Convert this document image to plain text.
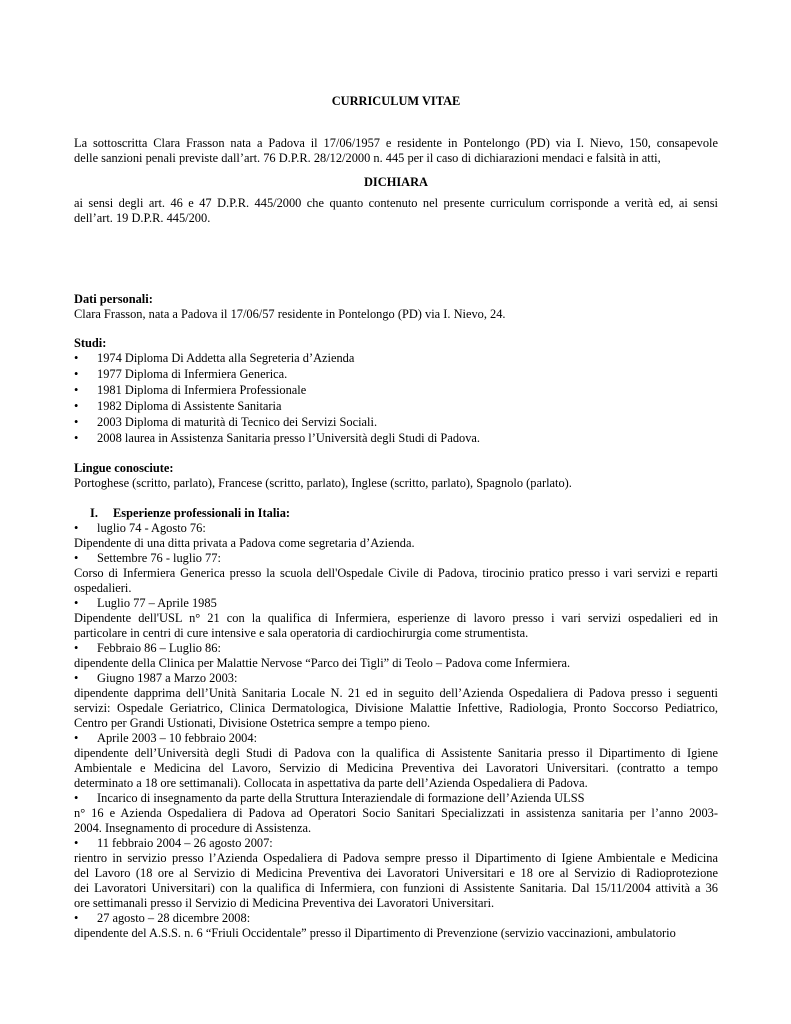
CURRICULUM VITAE
La sottoscritta Clara Frasson nata a Padova il 17/06/1957 e residente in Pontelongo (PD) via I. Nievo, 150, consapevole
delle sanzioni penali previste dall’art. 76 D.P.R. 28/12/2000 n. 445 per il caso di dichiarazioni mendaci e falsità in atti,
DICHIARA
ai sensi degli art. 46 e 47 D.P.R. 445/2000 che quanto contenuto nel presente curriculum corrisponde a verità ed, ai sensi
dell’art. 19 D.P.R. 445/200.
Dati personali:
Clara Frasson, nata a Padova il 17/06/57 residente in Pontelongo (PD) via I. Nievo, 24.
Studi:
• 1974 Diploma Di Addetta alla Segreteria d’Azienda
• 1977 Diploma di Infermiera Generica.
• 1981 Diploma di Infermiera Professionale
• 1982 Diploma di Assistente Sanitaria
• 2003 Diploma di maturità di Tecnico dei Servizi Sociali.
• 2008 laurea in Assistenza Sanitaria presso l’Università degli Studi di Padova.
Lingue conosciute:
Portoghese (scritto, parlato), Francese (scritto, parlato), Inglese (scritto, parlato), Spagnolo (parlato).
I. Esperienze professionali in Italia:
• luglio 74 - Agosto 76:
Dipendente di una ditta privata a Padova come segretaria d’Azienda.
• Settembre 76 - luglio 77:
Corso di Infermiera Generica presso la scuola dell'Ospedale Civile di Padova, tirocinio pratico presso i vari servizi e reparti
ospedalieri.
• Luglio 77 – Aprile 1985
Dipendente dell'USL n° 21 con la qualifica di Infermiera, esperienze di lavoro presso i vari servizi ospedalieri ed in
particolare in centri di cure intensive e sala operatoria di cardiochirurgia come strumentista.
• Febbraio 86 – Luglio 86:
dipendente della Clinica per Malattie Nervose “Parco dei Tigli” di Teolo – Padova come Infermiera.
• Giugno 1987 a Marzo 2003:
dipendente dapprima dell’Unità Sanitaria Locale N. 21 ed in seguito dell’Azienda Ospedaliera di Padova presso i seguenti
servizi: Ospedale Geriatrico, Clinica Dermatologica, Divisione Malattie Infettive, Radiologia, Pronto Soccorso Pediatrico,
Centro per Grandi Ustionati, Divisione Ostetrica sempre a tempo pieno.
• Aprile 2003 – 10 febbraio 2004:
dipendente dell’Università degli Studi di Padova con la qualifica di Assistente Sanitaria presso il Dipartimento di Igiene
Ambientale e Medicina del Lavoro, Servizio di Medicina Preventiva dei Lavoratori Universitari. (contratto a tempo
determinato a 18 ore settimanali). Collocata in aspettativa da parte dell’Azienda Ospedaliera di Padova.
• Incarico di insegnamento da parte della Struttura Interaziendale di formazione dell’Azienda ULSS
n° 16 e Azienda Ospedaliera di Padova ad Operatori Socio Sanitari Specializzati in assistenza sanitaria per l’anno 2003-
2004. Insegnamento di procedure di Assistenza.
• 11 febbraio 2004 – 26 agosto 2007:
rientro in servizio presso l’Azienda Ospedaliera di Padova sempre presso il Dipartimento di Igiene Ambientale e Medicina
del Lavoro (18 ore al Servizio di Medicina Preventiva dei Lavoratori Universitari e 18 ore al Servizio di Radioprotezione
dei Lavoratori Universitari) con la qualifica di Infermiera, con funzioni di Assistente Sanitaria. Dal 15/11/2004 attività a 36
ore settimanali presso il Servizio di Medicina Preventiva dei Lavoratori Universitari.
• 27 agosto – 28 dicembre 2008:
dipendente del A.S.S. n. 6 “Friuli Occidentale” presso il Dipartimento di Prevenzione (servizio vaccinazioni, ambulatorio
